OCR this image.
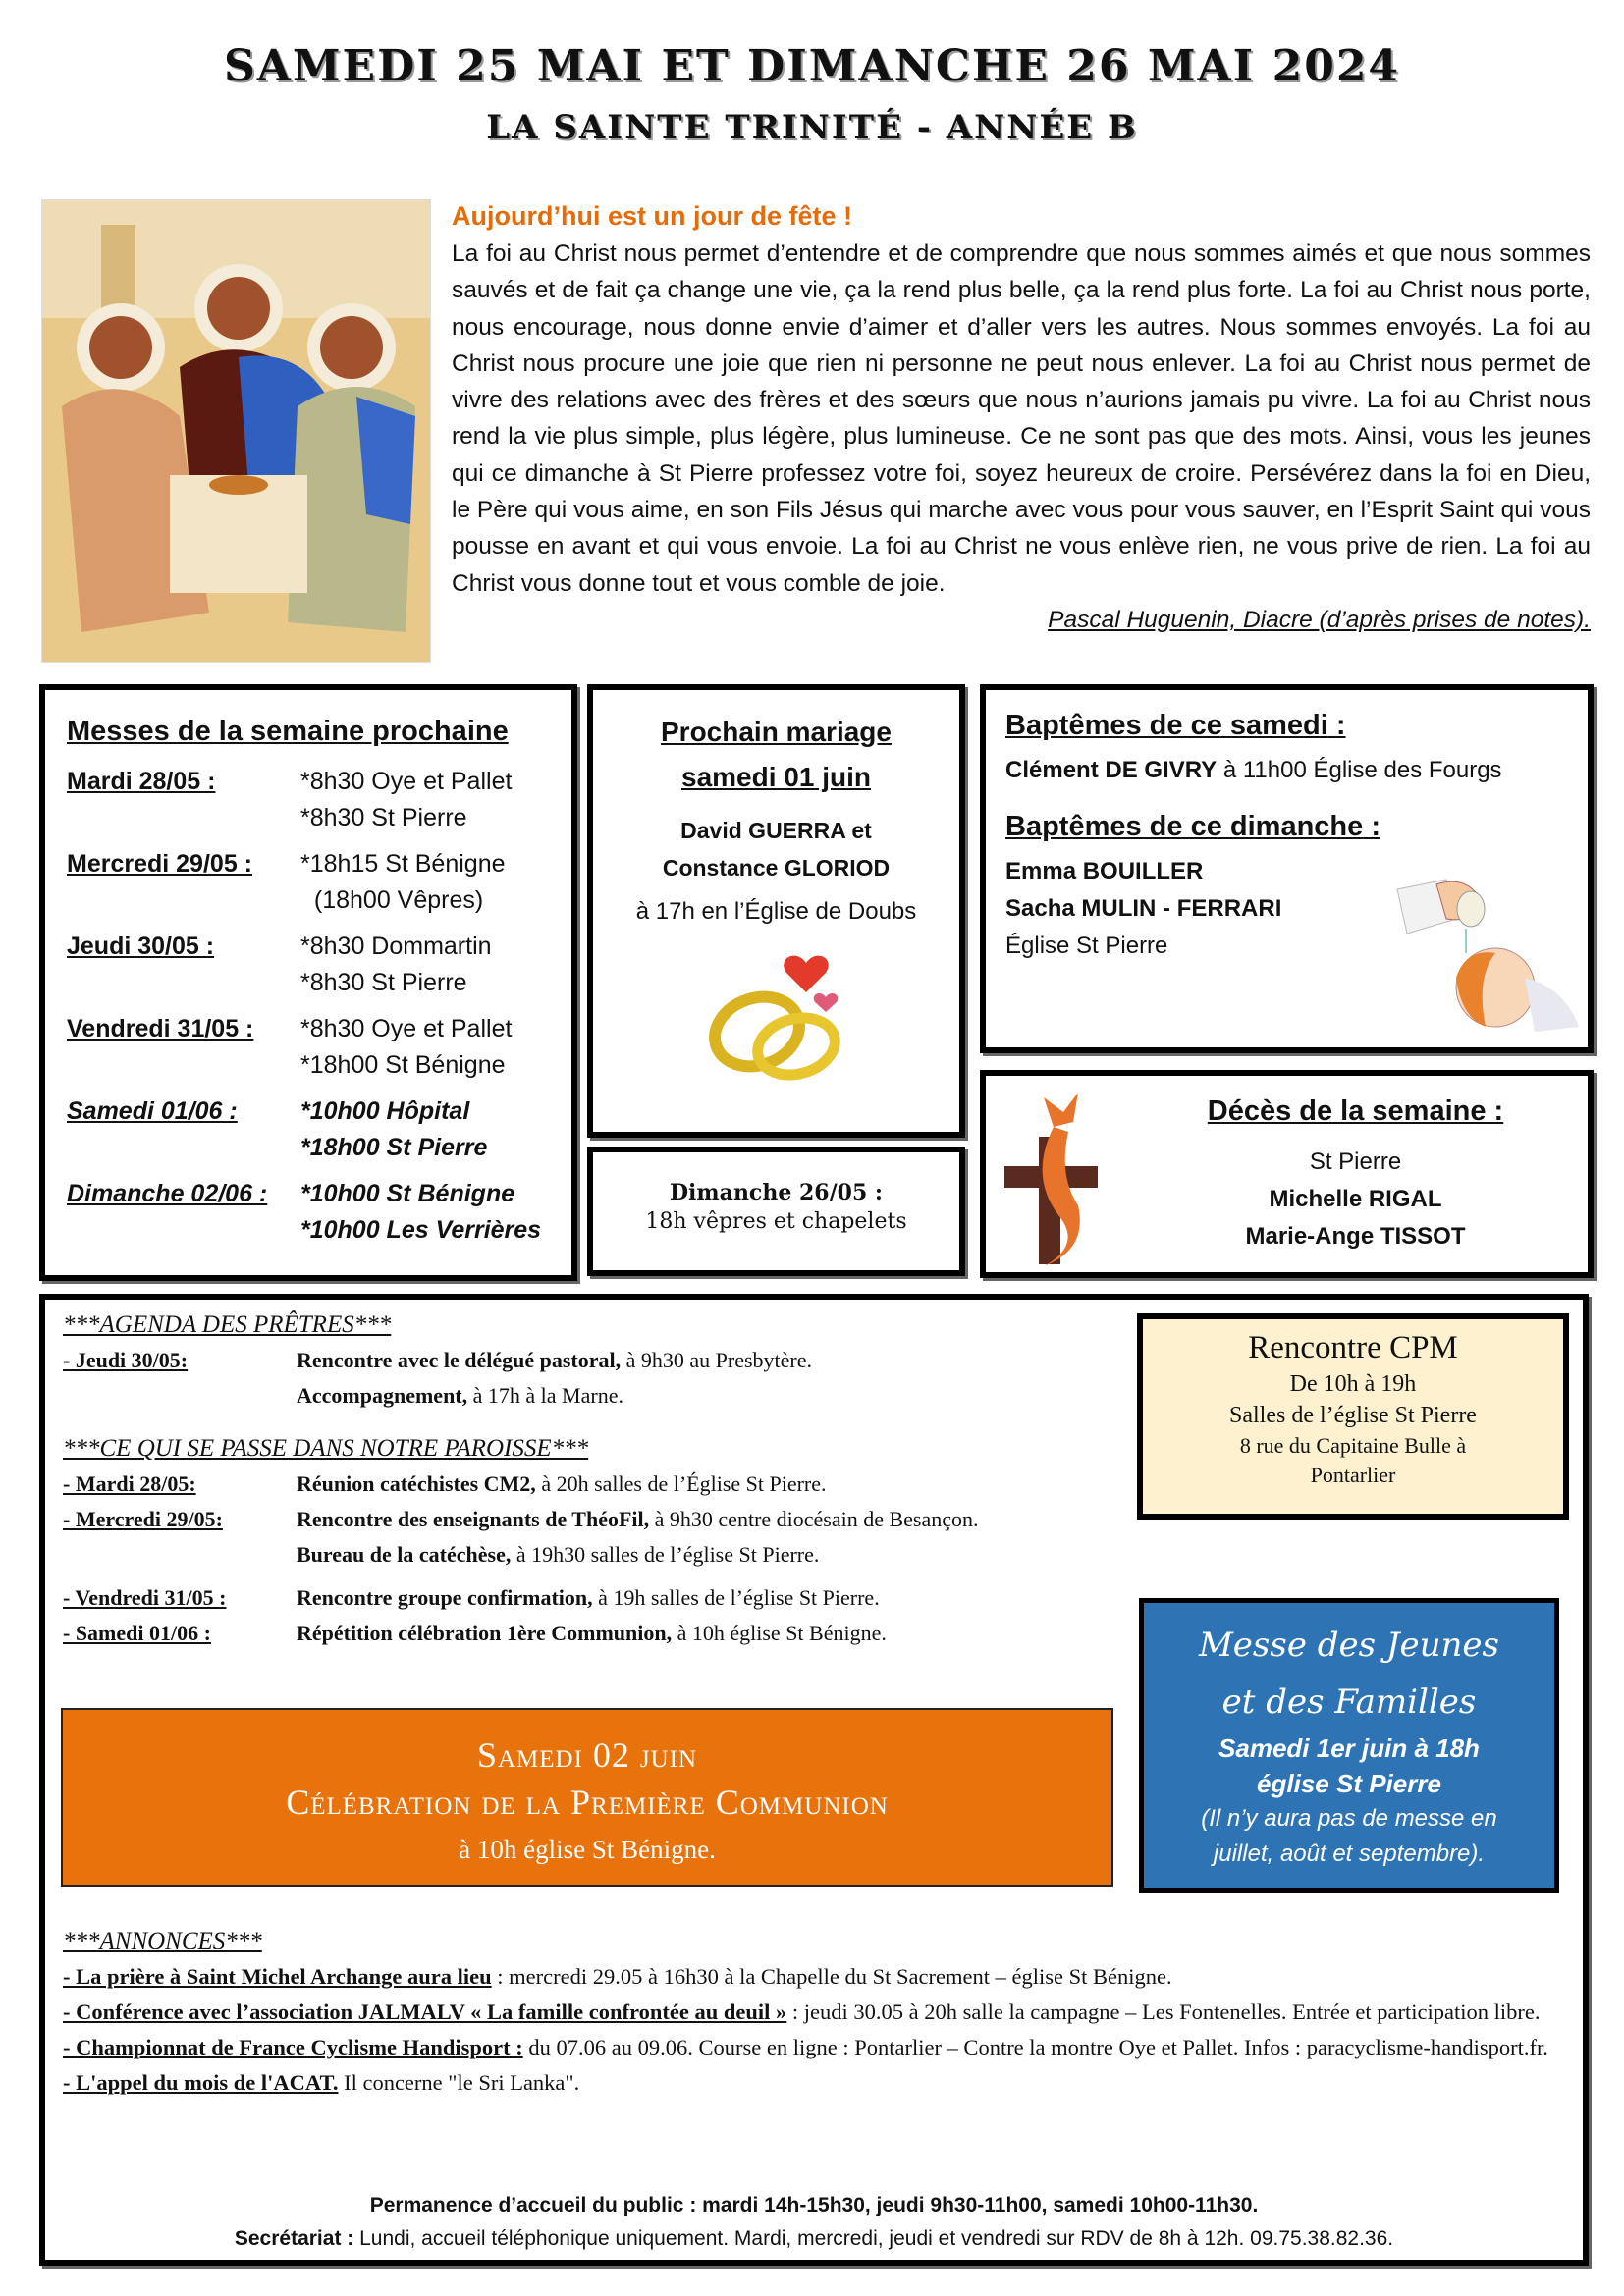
SAMEDI 25 MAI ET DIMANCHE 26 MAI 2024
LA SAINTE TRINITÉ - ANNÉE B
Aujourd’hui est un jour de fête !
La foi au Christ nous permet d’entendre et de comprendre que nous sommes aimés et que nous sommes sauvés et de fait ça change une vie, ça la rend plus belle, ça la rend plus forte. La foi au Christ nous porte, nous encourage, nous donne envie d’aimer et d’aller vers les autres. Nous sommes envoyés. La foi au Christ nous procure une joie que rien ni personne ne peut nous enlever. La foi au Christ nous permet de vivre des relations avec des frères et des sœurs que nous n’aurions jamais pu vivre. La foi au Christ nous rend la vie plus simple, plus légère, plus lumineuse. Ce ne sont pas que des mots. Ainsi, vous les jeunes qui ce dimanche à St Pierre professez votre foi, soyez heureux de croire. Persévérez dans la foi en Dieu, le Père qui vous aime, en son Fils Jésus qui marche avec vous pour vous sauver, en l’Esprit Saint qui vous pousse en avant et qui vous envoie. La foi au Christ ne vous enlève rien, ne vous prive de rien. La foi au Christ vous donne tout et vous comble de joie.
Pascal Huguenin, Diacre (d’après prises de notes).
Messes de la semaine prochaine
Mardi 28/05 :	*8h30 Oye et Pallet
*8h30 St Pierre
Mercredi 29/05 :	*18h15 St Bénigne
(18h00 Vêpres)
Jeudi 30/05 :	*8h30 Dommartin
*8h30 St Pierre
Vendredi 31/05 :	*8h30 Oye et Pallet
*18h00 St Bénigne
Samedi 01/06 :	*10h00 Hôpital
*18h00 St Pierre
Dimanche 02/06 :	*10h00 St Bénigne
*10h00 Les Verrières
Prochain mariage
samedi 01 juin
David GUERRA et
Constance GLORIOD
à 17h en l’Église de Doubs
Dimanche 26/05 :
18h vêpres et chapelets
Baptêmes de ce samedi :
Clément DE GIVRY à 11h00 Église des Fourgs
Baptêmes de ce dimanche :
Emma BOUILLER
Sacha MULIN - FERRARI
Église St Pierre
Décès de la semaine :
St Pierre
Michelle RIGAL
Marie-Ange TISSOT
***AGENDA DES PRÊTRES***
- Jeudi 30/05:	Rencontre avec le délégué pastoral, à 9h30 au Presbytère.
Accompagnement, à 17h à la Marne.
***CE QUI SE PASSE DANS NOTRE PAROISSE***
- Mardi 28/05:	Réunion catéchistes CM2, à 20h salles de l’Église St Pierre.
- Mercredi 29/05:	Rencontre des enseignants de ThéoFil, à 9h30 centre diocésain de Besançon.
Bureau de la catéchèse, à 19h30 salles de l’église St Pierre.
- Vendredi 31/05 :	Rencontre groupe confirmation, à 19h salles de l’église St Pierre.
- Samedi 01/06 :	Répétition célébration 1ère Communion, à 10h église St Bénigne.
Rencontre CPM
De 10h à 19h
Salles de l’église St Pierre
8 rue du Capitaine Bulle à
Pontarlier
Messe des Jeunes
et des Familles
Samedi 1er juin à 18h
église St Pierre
(Il n’y aura pas de messe en juillet, août et septembre).
Samedi 02 juin
Célébration de la Première Communion
à 10h église St Bénigne.
***ANNONCES***
- La prière à Saint Michel Archange aura lieu : mercredi 29.05 à 16h30 à la Chapelle du St Sacrement – église St Bénigne.
- Conférence avec l’association JALMALV « La famille confrontée au deuil » : jeudi 30.05 à 20h salle la campagne – Les Fontenelles. Entrée et participation libre.
- Championnat de France Cyclisme Handisport : du 07.06 au 09.06. Course en ligne : Pontarlier – Contre la montre Oye et Pallet. Infos : paracyclisme-handisport.fr.
- L'appel du mois de l'ACAT. Il concerne "le Sri Lanka".
Permanence d’accueil du public : mardi 14h-15h30, jeudi 9h30-11h00, samedi 10h00-11h30.
Secrétariat : Lundi, accueil téléphonique uniquement. Mardi, mercredi, jeudi et vendredi sur RDV de 8h à 12h. 09.75.38.82.36.
